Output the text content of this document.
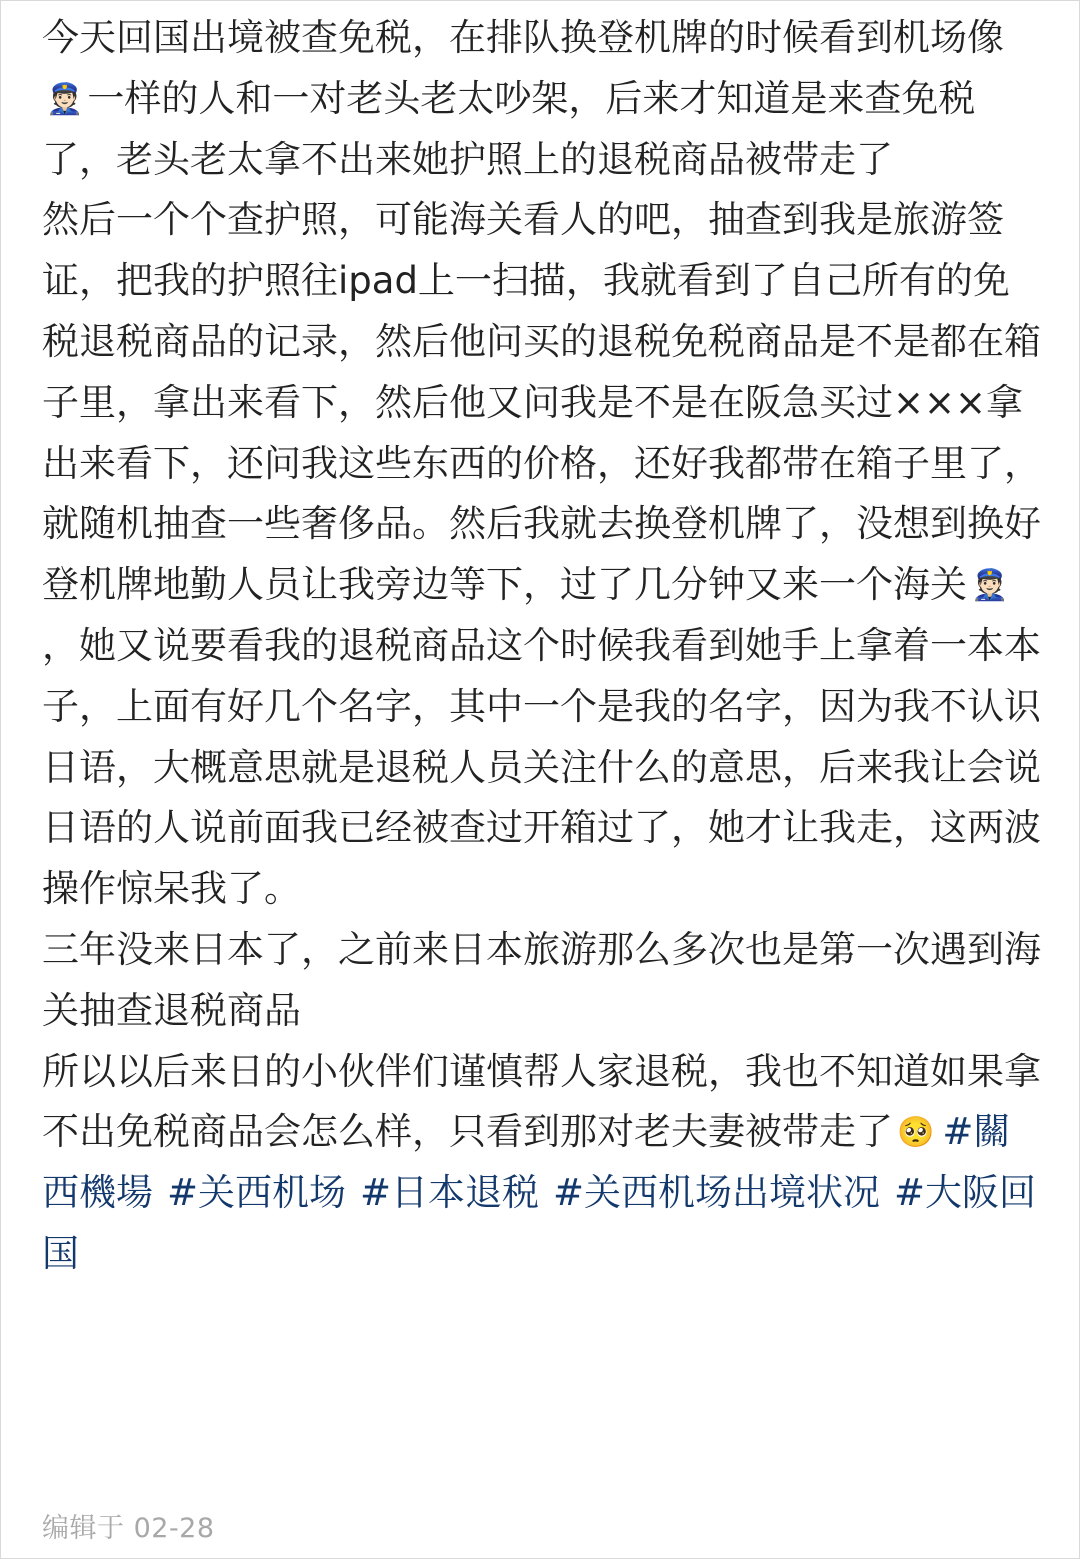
今天回国出境被查免税，在排队换登机牌的时候看到机场像👮🏻 一样的人和一对老头老太吵架，后来才知道是来查免税了，老头老太拿不出来她护照上的退税商品被带走了

然后一个个查护照，可能海关看人的吧，抽查到我是旅游签证，把我的护照往ipad上一扫描，我就看到了自己所有的免税退税商品的记录，然后他问买的退税免税商品是不是都在箱子里，拿出来看下，然后他又问我是不是在阪急买过×××拿出来看下，还问我这些东西的价格，还好我都带在箱子里了，就随机抽查一些奢侈品。然后我就去换登机牌了，没想到换好登机牌地勤人员让我旁边等下，过了几分钟又来一个海关 👮🏻，她又说要看我的退税商品这个时候我看到她手上拿着一本本子，上面有好几个名字，其中一个是我的名字，因为我不认识日语，大概意思就是退税人员关注什么的意思，后来我让会说日语的人说前面我已经被查过开箱过了，她才让我走，这两波操作惊呆我了。

三年没来日本了，之前来日本旅游那么多次也是第一次遇到海关抽查退税商品

所以以后来日的小伙伴们谨慎帮人家退税，我也不知道如果拿不出免税商品会怎么样，只看到那对老夫妻被带走了 🥺 #關西機場 #关西机场 #日本退税 #关西机场出境状况 #大阪回国

编辑于 02-28
